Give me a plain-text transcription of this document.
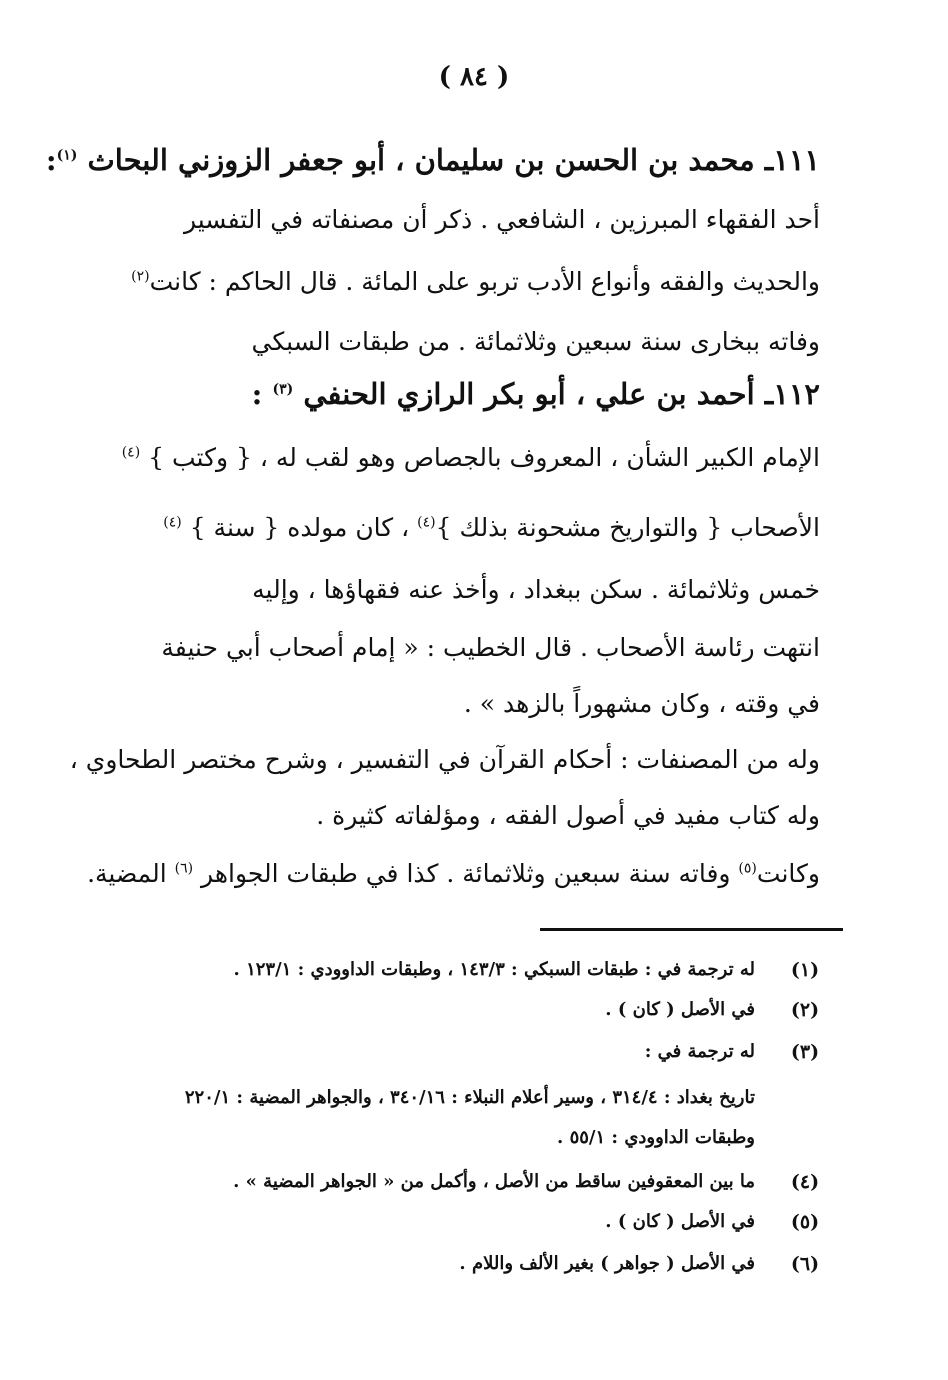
( ٨٤ )
١١١ـ محمد بن الحسن بن سليمان ، أبو جعفر الزوزني البحاث $^{(١)}$:
أحد الفقهاء المبرزين ، الشافعي . ذكر أن مصنفاته في التفسير
والحديث والفقه وأنواع الأدب تربو على المائة . قال الحاكم : كانت$^{(٢)}$
وفاته ببخارى سنة سبعين وثلاثمائة . من طبقات السبكي
١١٢ـ أحمد بن علي ، أبو بكر الرازي الحنفي $^{(٣)}$ :
الإمام الكبير الشأن ، المعروف بالجصاص وهو لقب له ، { وكتب } $^{(٤)}$
الأصحاب { والتواريخ مشحونة بذلك }$^{(٤)}$ ، كان مولده { سنة } $^{(٤)}$
خمس وثلاثمائة . سكن ببغداد ، وأخذ عنه فقهاؤها ، وإليه
انتهت رئاسة الأصحاب . قال الخطيب : « إمام أصحاب أبي حنيفة
في وقته ، وكان مشهوراً بالزهد » .
وله من المصنفات : أحكام القرآن في التفسير ، وشرح مختصر الطحاوي ،
وله كتاب مفيد في أصول الفقه ، ومؤلفاته كثيرة .
وكانت$^{(٥)}$ وفاته سنة سبعين وثلاثمائة . كذا في طبقات الجواهر $^{(٦)}$ المضية.
(١)
له ترجمة في : طبقات السبكي : ١٤٣/٣ ، وطبقات الداوودي : ١٢٣/١ .
(٢)
في الأصل ( كان ) .
(٣)
له ترجمة في :
تاريخ بغداد : ٣١٤/٤ ، وسير أعلام النبلاء : ٣٤٠/١٦ ، والجواهر المضية : ٢٢٠/١
وطبقات الداوودي : ٥٥/١ .
(٤)
ما بين المعقوفين ساقط من الأصل ، وأكمل من « الجواهر المضية » .
(٥)
في الأصل ( كان ) .
(٦)
في الأصل ( جواهر ) بغير الألف واللام .
